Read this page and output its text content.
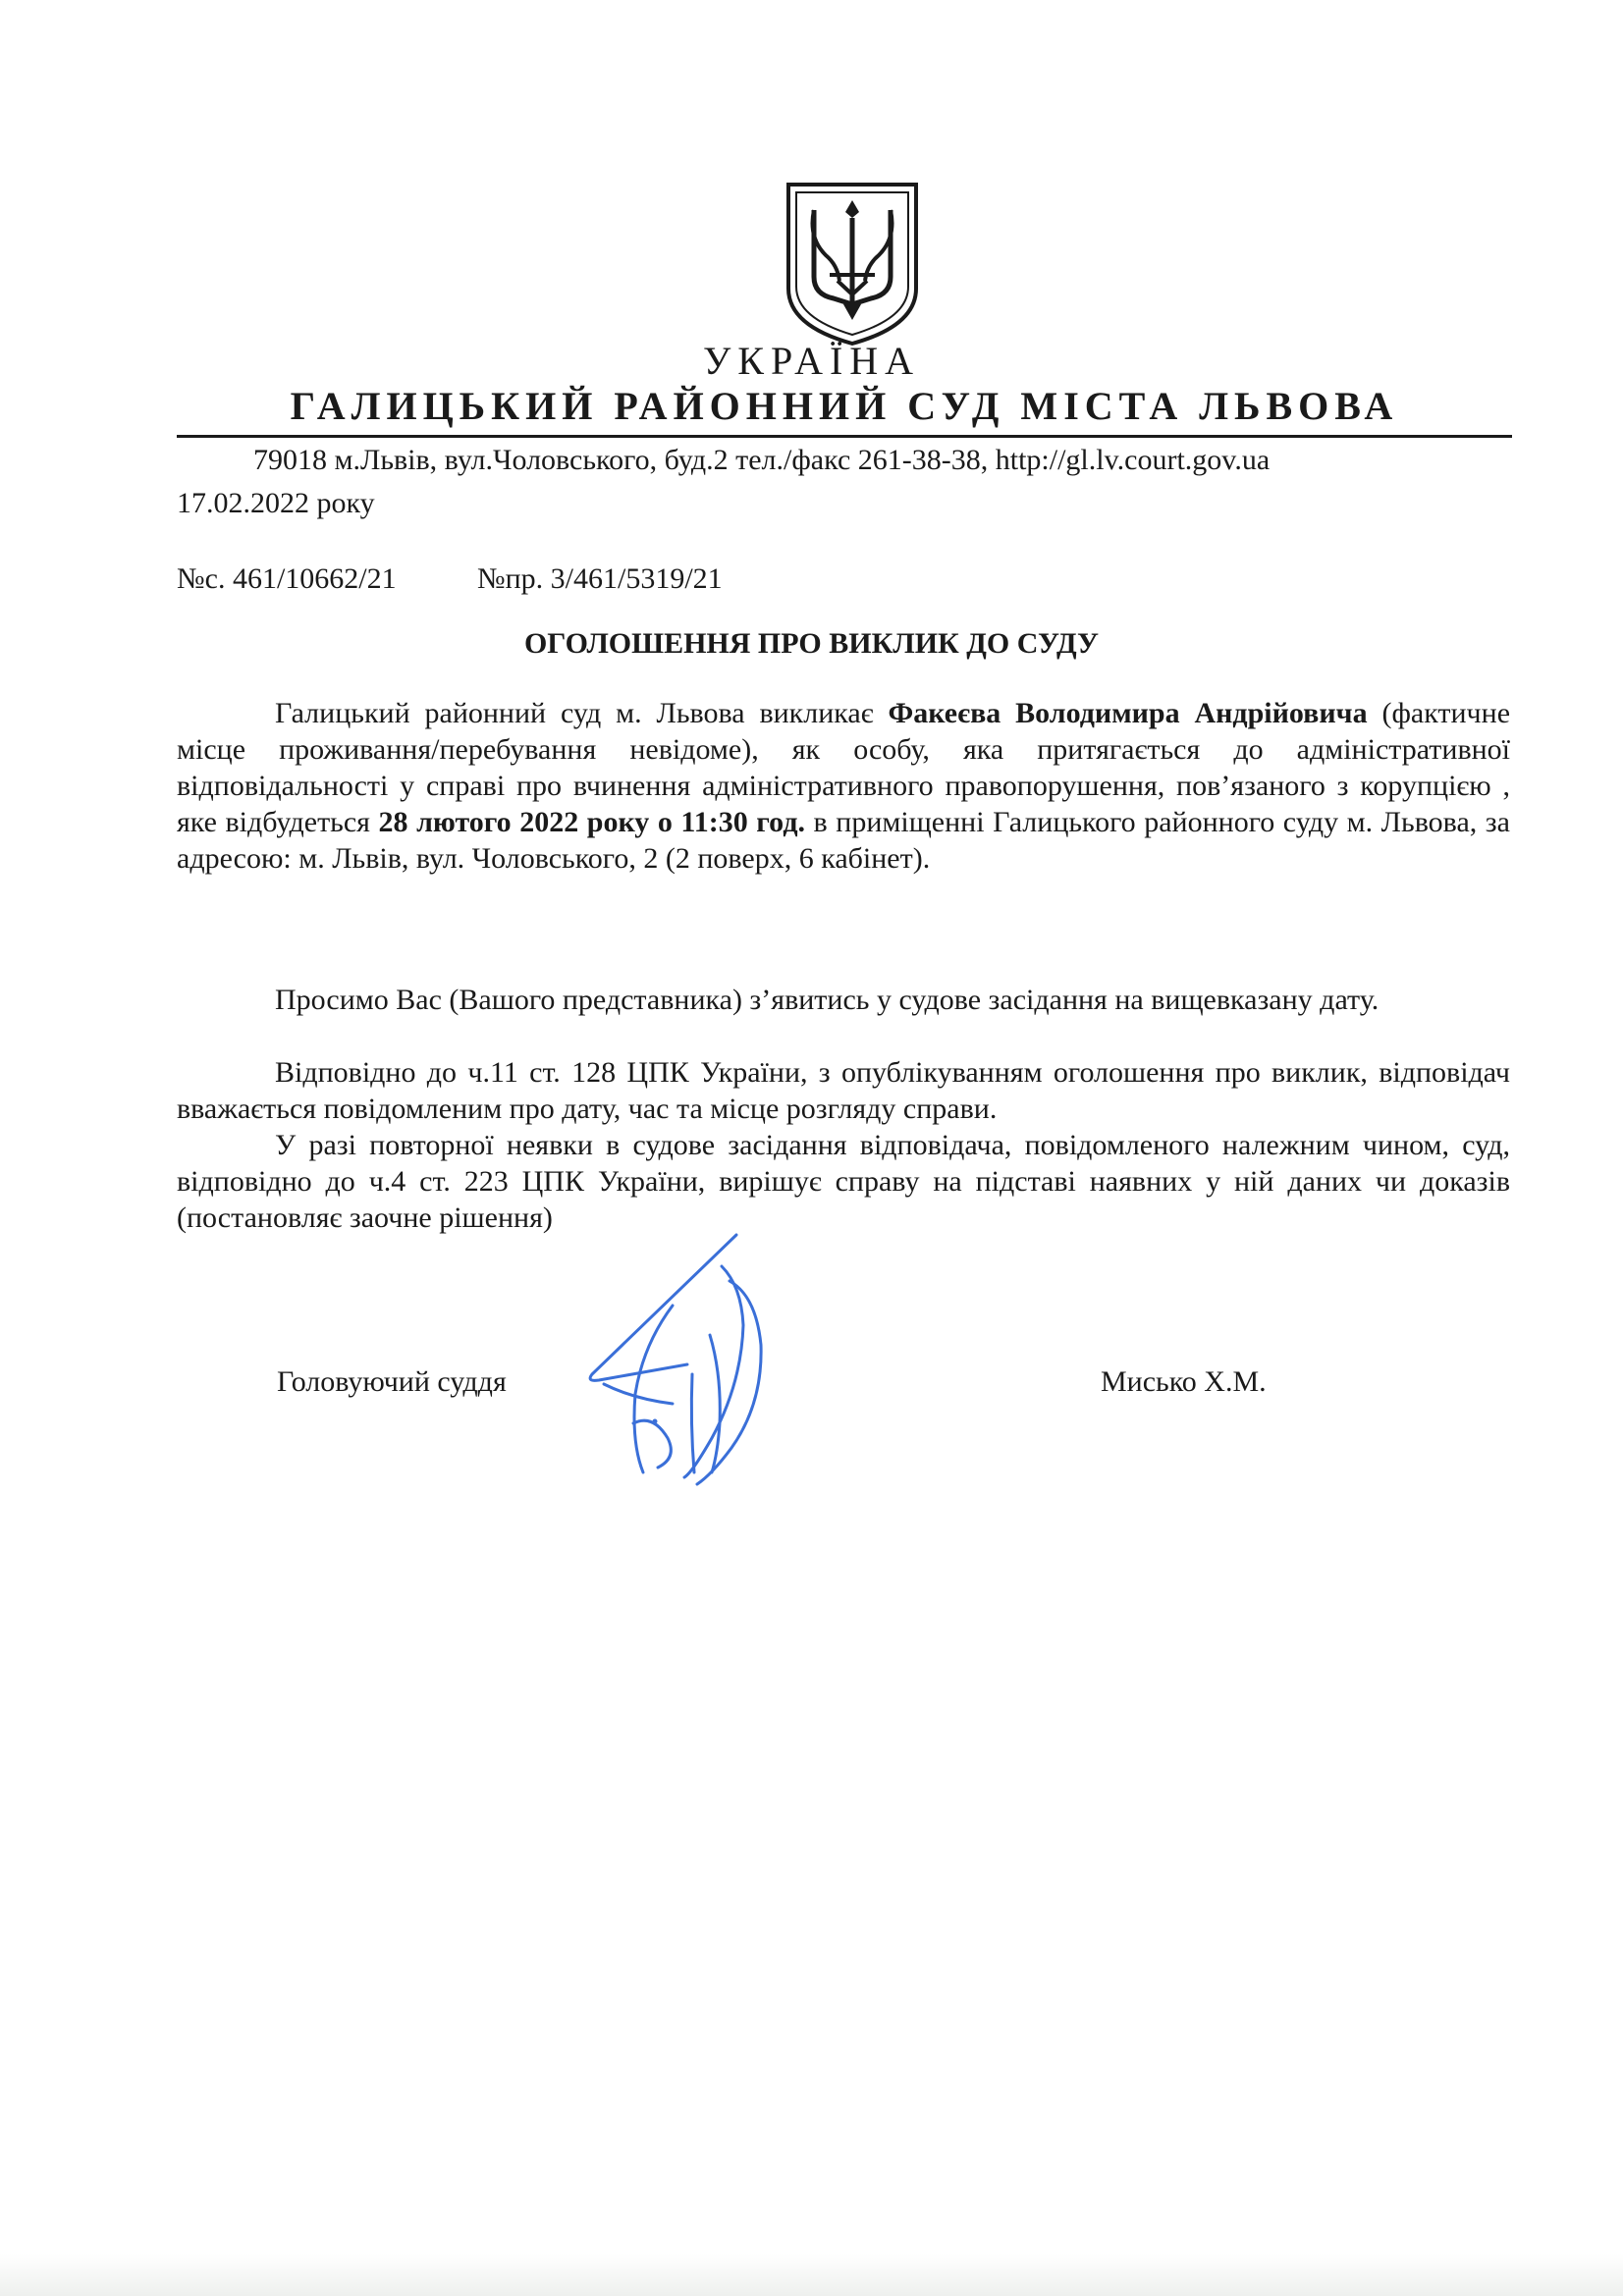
УКРАЇНА
ГАЛИЦЬКИЙ РАЙОННИЙ СУД МІСТА ЛЬВОВА
79018 м.Львів, вул.Чоловського, буд.2 тел./факс 261-38-38, http://gl.lv.court.gov.ua
17.02.2022 року
№с. 461/10662/21	№пр. 3/461/5319/21
ОГОЛОШЕННЯ ПРО ВИКЛИК ДО СУДУ

Галицький районний суд м. Львова викликає Факеєва Володимира Андрійовича (фактичне місце проживання/перебування невідоме), як особу, яка притягається до адміністративної відповідальності у справі про вчинення адміністративного правопорушення, пов’язаного з корупцією , яке відбудеться 28 лютого 2022 року о 11:30 год. в приміщенні Галицького районного суду м. Львова, за адресою: м. Львів, вул. Чоловського, 2 (2 поверх, 6 кабінет).

Просимо Вас (Вашого представника) з’явитись у судове засідання на вищевказану дату.

Відповідно до ч.11 ст. 128 ЦПК України, з опублікуванням оголошення про виклик, відповідач вважається повідомленим про дату, час та місце розгляду справи.

У разі повторної неявки в судове засідання відповідача, повідомленого належним чином, суд, відповідно до ч.4 ст. 223 ЦПК України, вирішує справу на підставі наявних у ній даних чи доказів (постановляє заочне рішення)

Головуючий суддя	Мисько Х.М.
